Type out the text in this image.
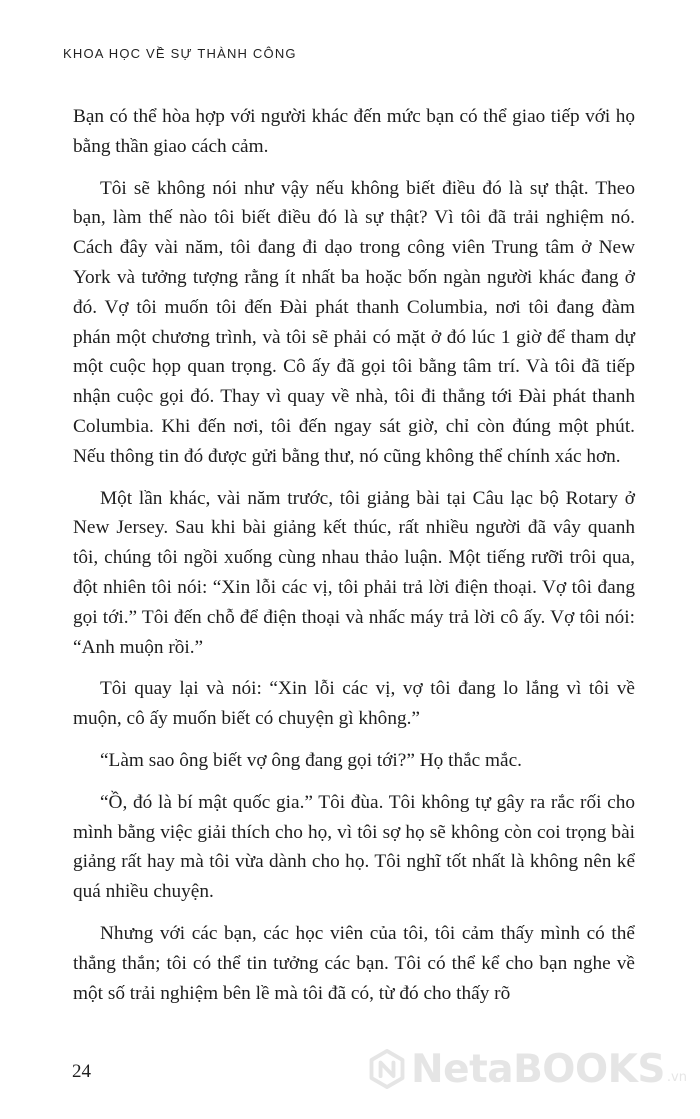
KHOA HỌC VỀ SỰ THÀNH CÔNG

Bạn có thể hòa hợp với người khác đến mức bạn có thể giao tiếp với họ bằng thần giao cách cảm.

Tôi sẽ không nói như vậy nếu không biết điều đó là sự thật. Theo bạn, làm thế nào tôi biết điều đó là sự thật? Vì tôi đã trải nghiệm nó. Cách đây vài năm, tôi đang đi dạo trong công viên Trung tâm ở New York và tưởng tượng rằng ít nhất ba hoặc bốn ngàn người khác đang ở đó. Vợ tôi muốn tôi đến Đài phát thanh Columbia, nơi tôi đang đàm phán một chương trình, và tôi sẽ phải có mặt ở đó lúc 1 giờ để tham dự một cuộc họp quan trọng. Cô ấy đã gọi tôi bằng tâm trí. Và tôi đã tiếp nhận cuộc gọi đó. Thay vì quay về nhà, tôi đi thẳng tới Đài phát thanh Columbia. Khi đến nơi, tôi đến ngay sát giờ, chỉ còn đúng một phút. Nếu thông tin đó được gửi bằng thư, nó cũng không thể chính xác hơn.

Một lần khác, vài năm trước, tôi giảng bài tại Câu lạc bộ Rotary ở New Jersey. Sau khi bài giảng kết thúc, rất nhiều người đã vây quanh tôi, chúng tôi ngồi xuống cùng nhau thảo luận. Một tiếng rưỡi trôi qua, đột nhiên tôi nói: “Xin lỗi các vị, tôi phải trả lời điện thoại. Vợ tôi đang gọi tới.” Tôi đến chỗ để điện thoại và nhấc máy trả lời cô ấy. Vợ tôi nói: “Anh muộn rồi.”

Tôi quay lại và nói: “Xin lỗi các vị, vợ tôi đang lo lắng vì tôi về muộn, cô ấy muốn biết có chuyện gì không.”

“Làm sao ông biết vợ ông đang gọi tới?” Họ thắc mắc.

“Ồ, đó là bí mật quốc gia.” Tôi đùa. Tôi không tự gây ra rắc rối cho mình bằng việc giải thích cho họ, vì tôi sợ họ sẽ không còn coi trọng bài giảng rất hay mà tôi vừa dành cho họ. Tôi nghĩ tốt nhất là không nên kể quá nhiều chuyện.

Nhưng với các bạn, các học viên của tôi, tôi cảm thấy mình có thể thẳng thắn; tôi có thể tin tưởng các bạn. Tôi có thể kể cho bạn nghe về một số trải nghiệm bên lề mà tôi đã có, từ đó cho thấy rõ

24	NetaBOOKS .vn
